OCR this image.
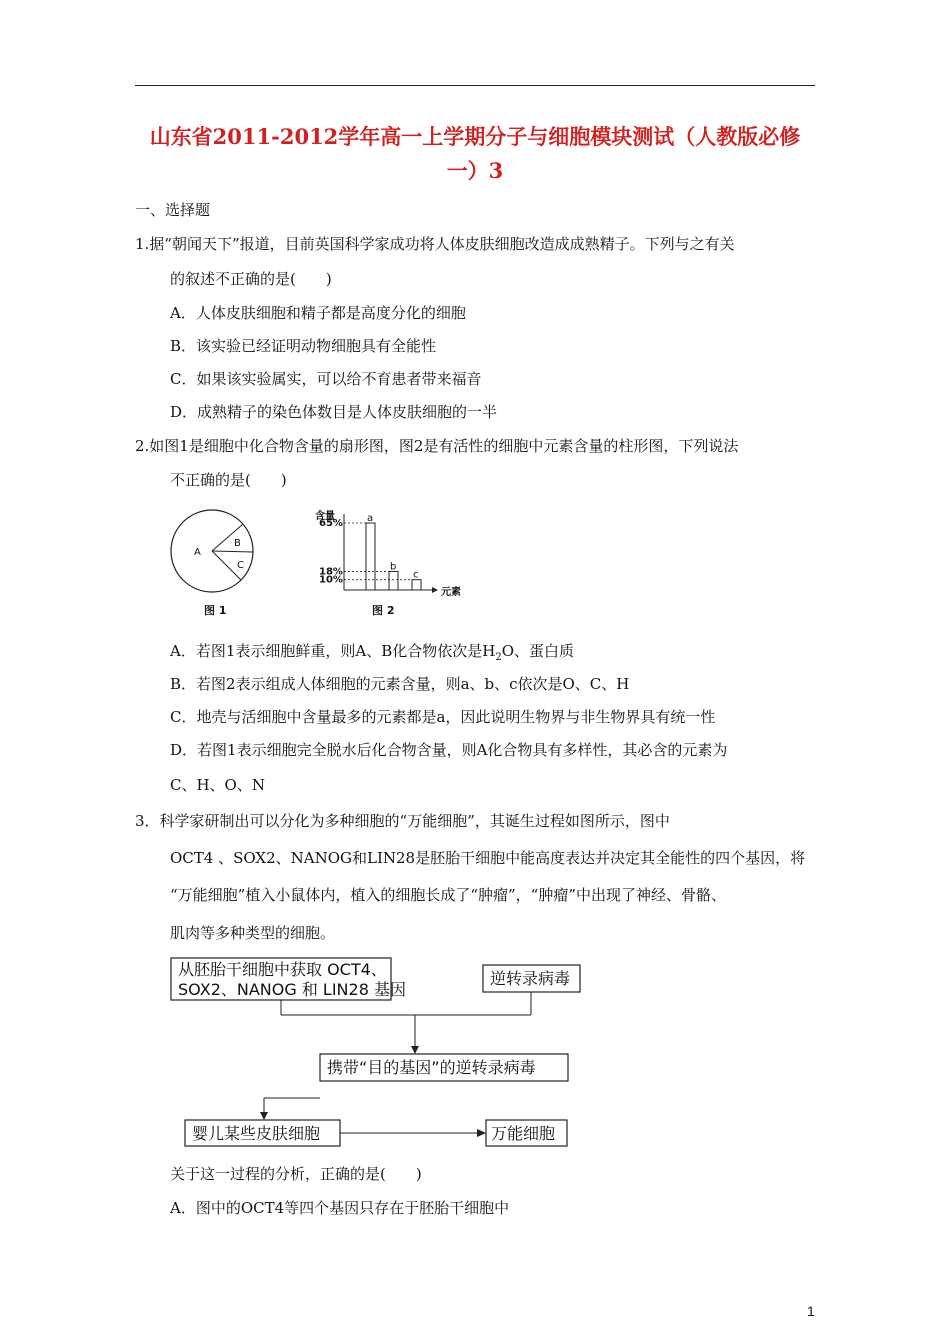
山东省2011-2012学年高一上学期分子与细胞模块测试（人教版必修
一）3
一、选择题
1.据“朝闻天下”报道，目前英国科学家成功将人体皮肤细胞改造成成熟精子。下列与之有关
的叙述不正确的是(　　)
A．人体皮肤细胞和精子都是高度分化的细胞
B．该实验已经证明动物细胞具有全能性
C．如果该实验属实，可以给不育患者带来福音
D．成熟精子的染色体数目是人体皮肤细胞的一半
2.如图1是细胞中化合物含量的扇形图，图2是有活性的细胞中元素含量的柱形图，下列说法
不正确的是(　　)
A
B
C
图 1
含量
元素
a
65%
b
18%	c
10%
图 2
A．若图1表示细胞鲜重，则A、B化合物依次是$H_2O$、蛋白质
B．若图2表示组成人体细胞的元素含量，则a、b、c依次是O、C、H
C．地壳与活细胞中含量最多的元素都是a，因此说明生物界与非生物界具有统一性
D．若图1表示细胞完全脱水后化合物含量，则A化合物具有多样性，其必含的元素为
C、H、O、N
3．科学家研制出可以分化为多种细胞的“万能细胞”，其诞生过程如图所示，图中
OCT4 、SOX2、NANOG和LIN28是胚胎干细胞中能高度表达并决定其全能性的四个基因，将
“万能细胞”植入小鼠体内，植入的细胞长成了“肿瘤”，“肿瘤”中出现了神经、骨骼、
肌肉等多种类型的细胞。
从胚胎干细胞中获取 OCT4、
SOX2、NANOG 和 LIN28 基因
逆转录病毒
携带“目的基因”的逆转录病毒
婴儿某些皮肤细胞	万能细胞
关于这一过程的分析，正确的是(　　)
A．图中的OCT4等四个基因只存在于胚胎干细胞中
1
